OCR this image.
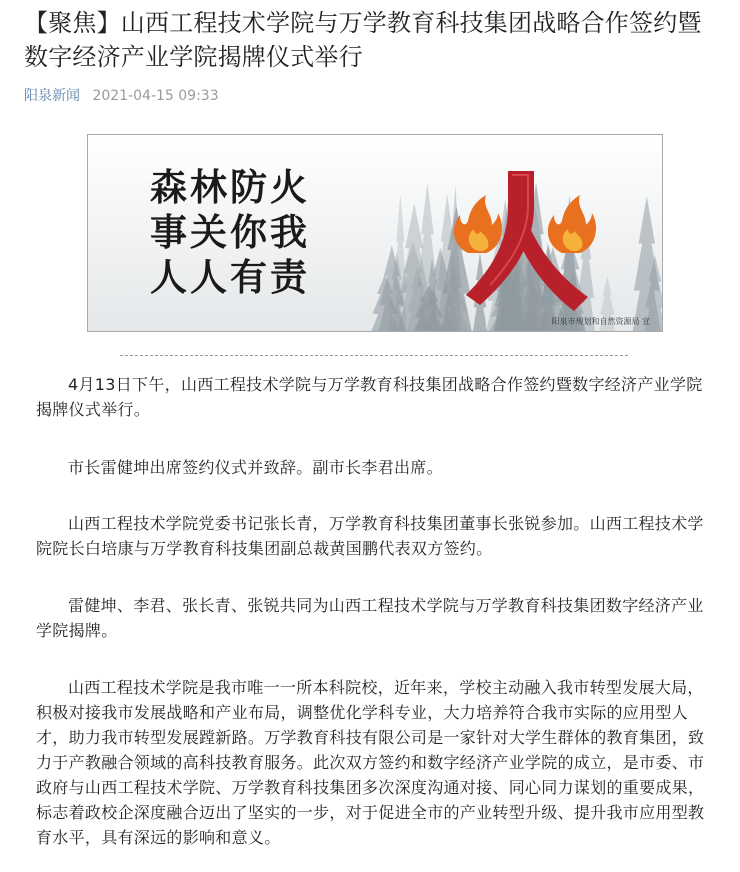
【聚焦】山西工程技术学院与万学教育科技集团战略合作签约暨数字经济产业学院揭牌仪式举行
阳泉新闻 2021-04-15 09:33
森林防火
事关你我
人人有责
阳泉市规划和自然资源局 宣

4月13日下午，山西工程技术学院与万学教育科技集团战略合作签约暨数字经济产业学院揭牌仪式举行。

市长雷健坤出席签约仪式并致辞。副市长李君出席。

山西工程技术学院党委书记张长青，万学教育科技集团董事长张锐参加。山西工程技术学院院长白培康与万学教育科技集团副总裁黄国鹏代表双方签约。

雷健坤、李君、张长青、张锐共同为山西工程技术学院与万学教育科技集团数字经济产业学院揭牌。

山西工程技术学院是我市唯一一所本科院校，近年来，学校主动融入我市转型发展大局，积极对接我市发展战略和产业布局，调整优化学科专业，大力培养符合我市实际的应用型人才，助力我市转型发展蹚新路。万学教育科技有限公司是一家针对大学生群体的教育集团，致力于产教融合领域的高科技教育服务。此次双方签约和数字经济产业学院的成立，是市委、市政府与山西工程技术学院、万学教育科技集团多次深度沟通对接、同心同力谋划的重要成果，标志着政校企深度融合迈出了坚实的一步，对于促进全市的产业转型升级、提升我市应用型教育水平，具有深远的影响和意义。
